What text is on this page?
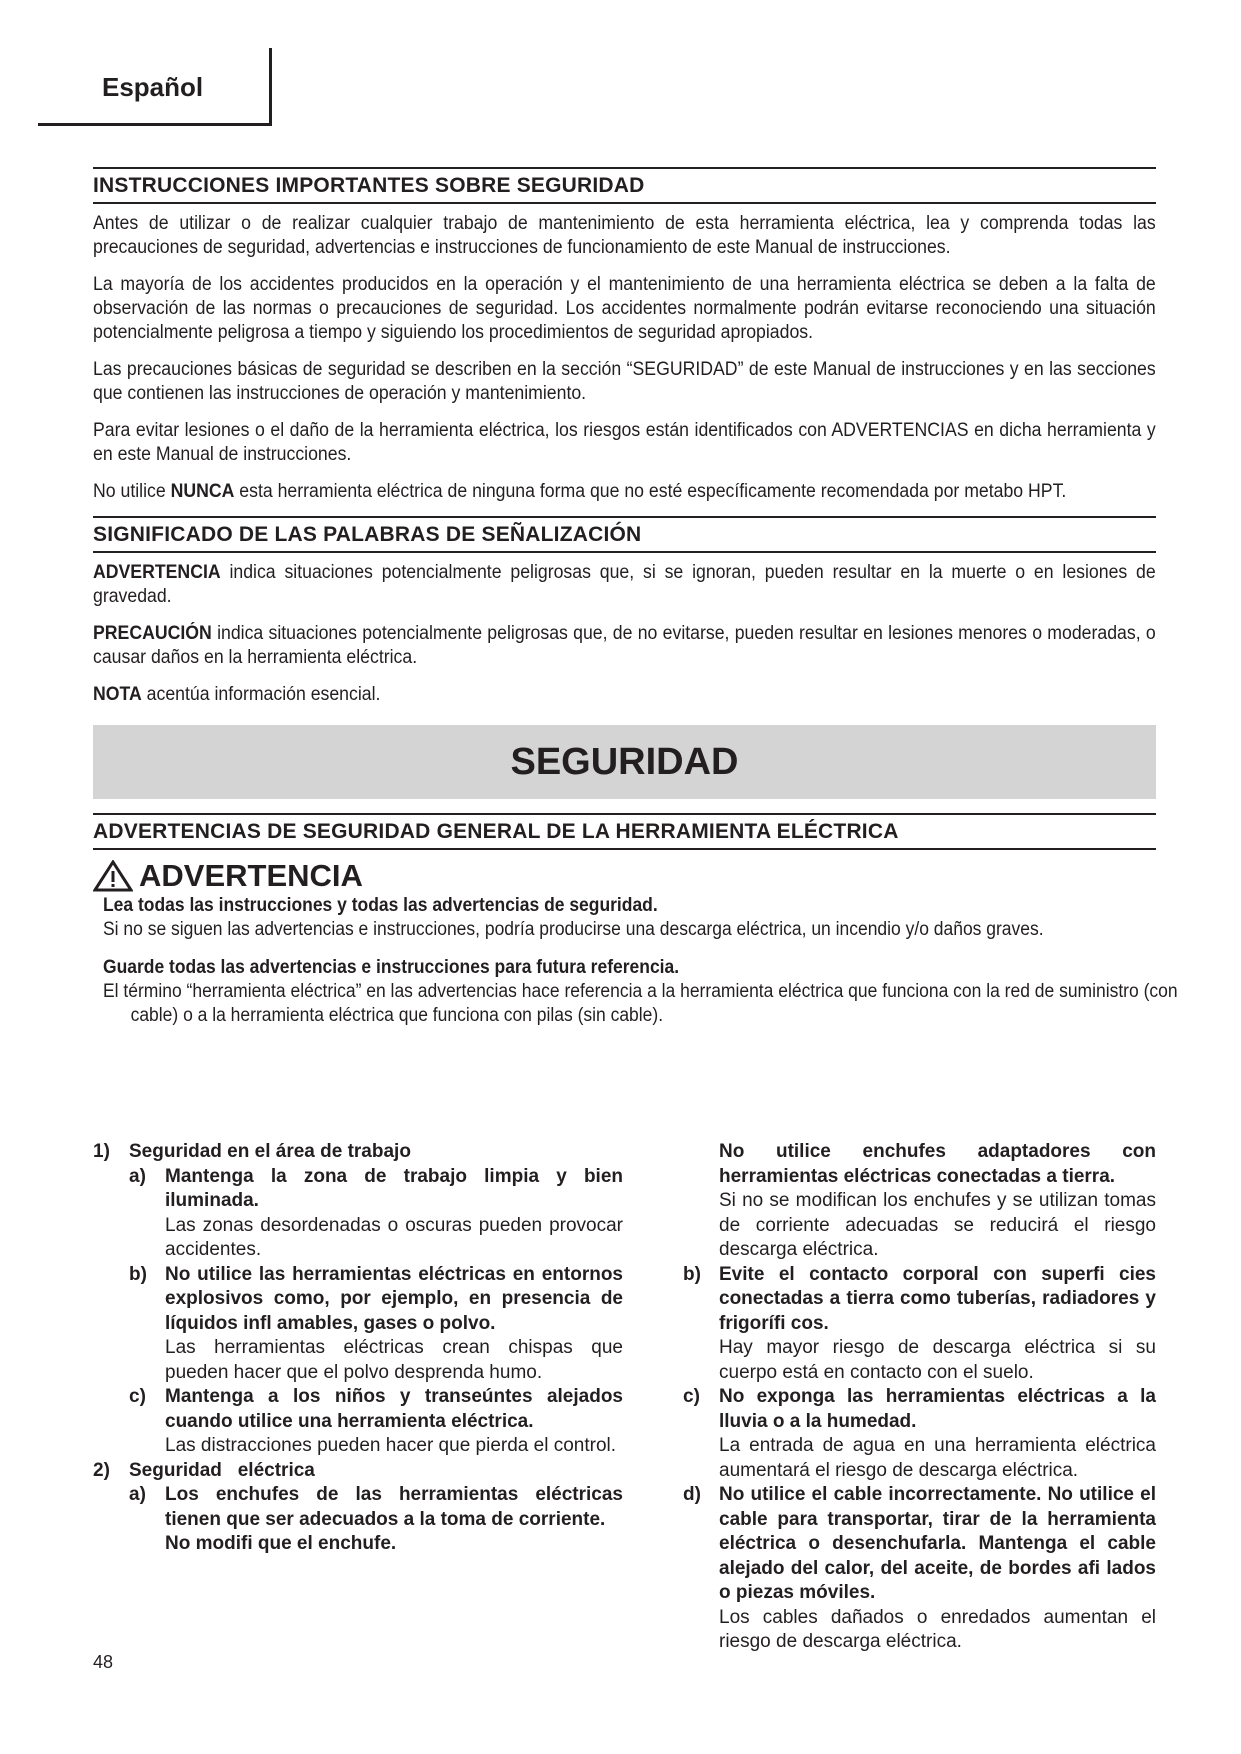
Español
INSTRUCCIONES IMPORTANTES SOBRE SEGURIDAD

Antes de utilizar o de realizar cualquier trabajo de mantenimiento de esta herramienta eléctrica, lea y comprenda todas las precauciones de seguridad, advertencias e instrucciones de funcionamiento de este Manual de instrucciones.

La mayoría de los accidentes producidos en la operación y el mantenimiento de una herramienta eléctrica se deben a la falta de observación de las normas o precauciones de seguridad. Los accidentes normalmente podrán evitarse reconociendo una situación potencialmente peligrosa a tiempo y siguiendo los procedimientos de seguridad apropiados.

Las precauciones básicas de seguridad se describen en la sección “SEGURIDAD” de este Manual de instrucciones y en las secciones que contienen las instrucciones de operación y mantenimiento.

Para evitar lesiones o el daño de la herramienta eléctrica, los riesgos están identificados con ADVERTENCIAS en dicha herramienta y en este Manual de instrucciones.

No utilice NUNCA esta herramienta eléctrica de ninguna forma que no esté específicamente recomendada por metabo HPT.

SIGNIFICADO DE LAS PALABRAS DE SEÑALIZACIÓN

ADVERTENCIA indica situaciones potencialmente peligrosas que, si se ignoran, pueden resultar en la muerte o en lesiones de gravedad.

PRECAUCIÓN indica situaciones potencialmente peligrosas que, de no evitarse, pueden resultar en lesiones menores o moderadas, o causar daños en la herramienta eléctrica.

NOTA acentúa información esencial.

SEGURIDAD
ADVERTENCIAS DE SEGURIDAD GENERAL DE LA HERRAMIENTA ELÉCTRICA
ADVERTENCIA
Lea todas las instrucciones y todas las advertencias de seguridad.
Si no se siguen las advertencias e instrucciones, podría producirse una descarga eléctrica, un incendio y/o daños graves.
Guarde todas las advertencias e instrucciones para futura referencia.
El término “herramienta eléctrica” en las advertencias hace referencia a la herramienta eléctrica que funciona con la red de suministro (con cable) o a la herramienta eléctrica que funciona con pilas (sin cable).
1)	Seguridad en el área de trabajo
a)	Mantenga la zona de trabajo limpia y bien iluminada.
Las zonas desordenadas o oscuras pueden provocar accidentes.
b) No utilice las herramientas eléctricas en entornos explosivos como, por ejemplo, en presencia de líquidos infl amables, gases o polvo.
Las herramientas eléctricas crean chispas que pueden hacer que el polvo desprenda humo.
c)	Mantenga a los niños y transeúntes alejados cuando utilice una herramienta eléctrica.
Las distracciones pueden hacer que pierda el control.
2)	Seguridad   eléctrica
a)	Los enchufes de las herramientas eléctricas tienen que ser adecuados a la toma de corriente.
No modifi que el enchufe.
No utilice enchufes adaptadores con herramientas eléctricas conectadas a tierra.
Si no se modifican los enchufes y se utilizan tomas de corriente adecuadas se reducirá el riesgo descarga eléctrica.
b) Evite el contacto corporal con superfi cies conectadas a tierra como tuberías, radiadores y frigorífi cos.
Hay mayor riesgo de descarga eléctrica si su cuerpo está en contacto con el suelo.
c)	No exponga las herramientas eléctricas a la lluvia o a la humedad.
La entrada de agua en una herramienta eléctrica aumentará el riesgo de descarga eléctrica.
d) No utilice el cable incorrectamente. No utilice el cable para transportar, tirar de la herramienta eléctrica o desenchufarla. Mantenga el cable alejado del calor, del aceite, de bordes afi lados o piezas móviles.
Los cables dañados o enredados aumentan el riesgo de descarga eléctrica.
48
